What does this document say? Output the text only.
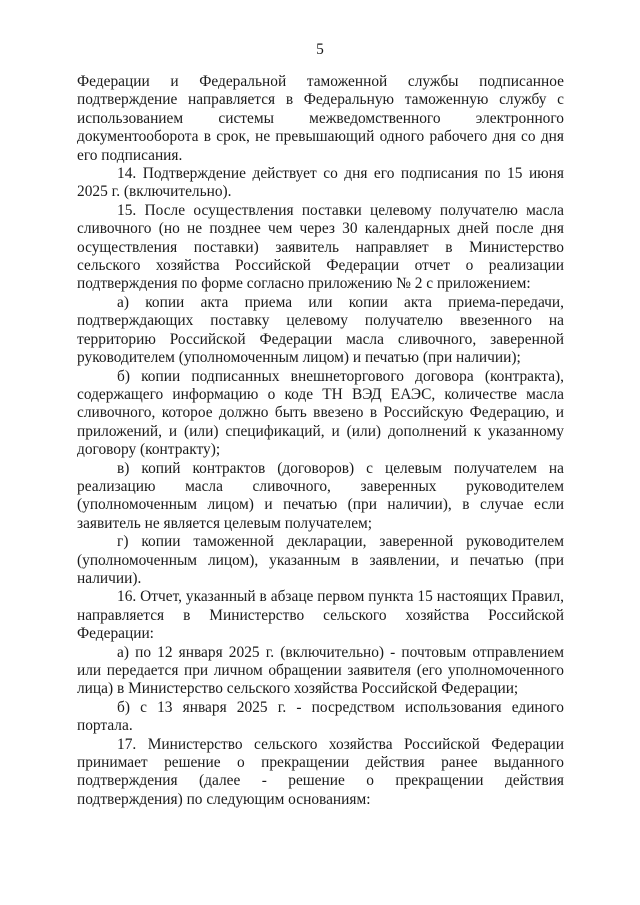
5

Федерации и Федеральной таможенной службы подписанное подтверждение направляется в Федеральную таможенную службу с использованием системы межведомственного электронного документооборота в срок, не превышающий одного рабочего дня со дня его подписания.

14. Подтверждение действует со дня его подписания по 15 июня 2025 г. (включительно).

15. После осуществления поставки целевому получателю масла сливочного (но не позднее чем через 30 календарных дней после дня осуществления поставки) заявитель направляет в Министерство сельского хозяйства Российской Федерации отчет о реализации подтверждения по форме согласно приложению № 2 с приложением:

а) копии акта приема или копии акта приема-передачи, подтверждающих поставку целевому получателю ввезенного на территорию Российской Федерации масла сливочного, заверенной руководителем (уполномоченным лицом) и печатью (при наличии);

б) копии подписанных внешнеторгового договора (контракта), содержащего информацию о коде ТН ВЭД ЕАЭС, количестве масла сливочного, которое должно быть ввезено в Российскую Федерацию, и приложений, и (или) спецификаций, и (или) дополнений к указанному договору (контракту);

в) копий контрактов (договоров) с целевым получателем на реализацию масла сливочного, заверенных руководителем (уполномоченным лицом) и печатью (при наличии), в случае если заявитель не является целевым получателем;

г) копии таможенной декларации, заверенной руководителем (уполномоченным лицом), указанным в заявлении, и печатью (при наличии).

16. Отчет, указанный в абзаце первом пункта 15 настоящих Правил, направляется в Министерство сельского хозяйства Российской Федерации:

а) по 12 января 2025 г. (включительно) - почтовым отправлением или передается при личном обращении заявителя (его уполномоченного лица) в Министерство сельского хозяйства Российской Федерации;

б) с 13 января 2025 г. - посредством использования единого портала.

17. Министерство сельского хозяйства Российской Федерации принимает решение о прекращении действия ранее выданного подтверждения (далее - решение о прекращении действия подтверждения) по следующим основаниям:
